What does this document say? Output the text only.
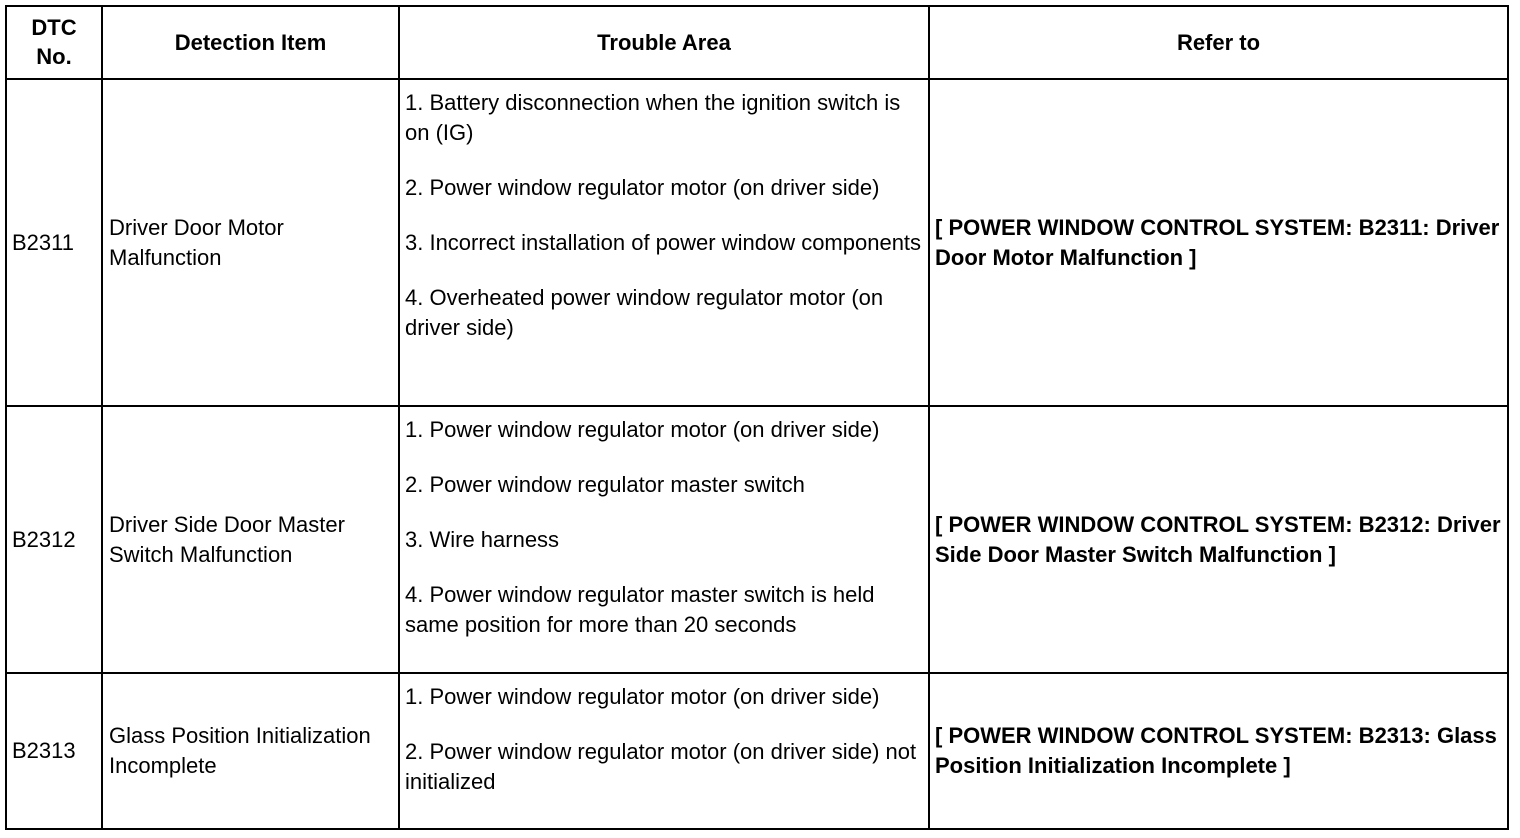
DTC No.	Detection Item	Trouble Area	Refer to
B2311	Driver Door Motor Malfunction	1. Battery disconnection when the ignition switch is on (IG)

2. Power window regulator motor (on driver side)

3. Incorrect installation of power window components

4. Overheated power window regulator motor (on driver side)	[ POWER WINDOW CONTROL SYSTEM: B2311: Driver Door Motor Malfunction ]
B2312	Driver Side Door Master Switch Malfunction	1. Power window regulator motor (on driver side)

2. Power window regulator master switch

3. Wire harness

4. Power window regulator master switch is held same position for more than 20 seconds	[ POWER WINDOW CONTROL SYSTEM: B2312: Driver Side Door Master Switch Malfunction ]
B2313	Glass Position Initialization Incomplete	1. Power window regulator motor (on driver side)

2. Power window regulator motor (on driver side) not initialized	[ POWER WINDOW CONTROL SYSTEM: B2313: Glass Position Initialization Incomplete ]
